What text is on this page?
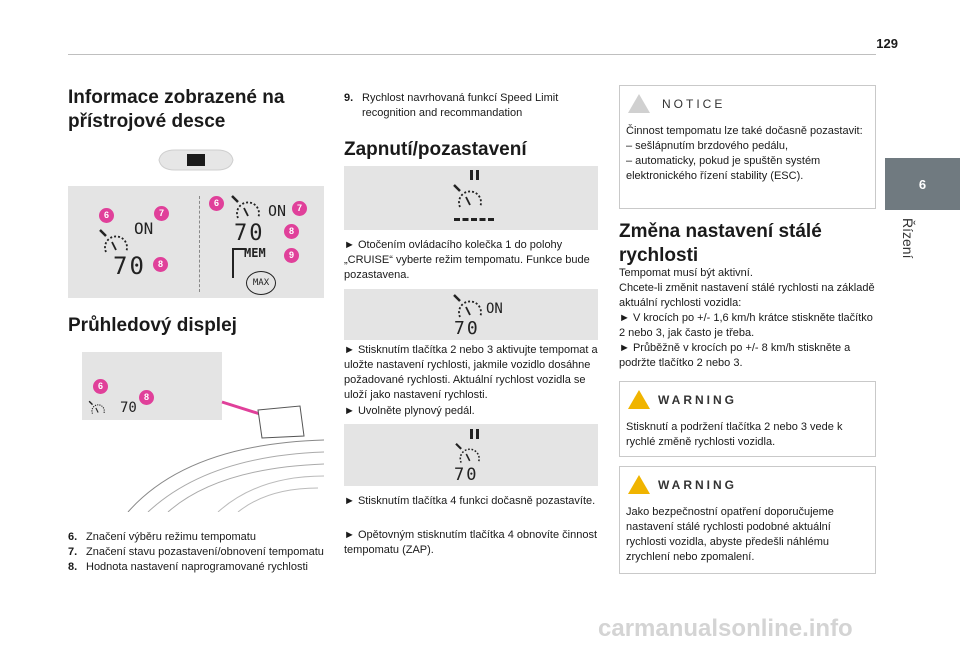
129
6
Řízení
Informace zobrazené na přístrojové desce
ON
70
6	7
8
ON
70
MEM
MAX
6	7
8
9
Průhledový displej
70
6
8
6. Značení výběru režimu tempomatu
7. Značení stavu pozastavení/obnovení tempomatu
8. Hodnota nastavení naprogramované rychlosti
9. Rychlost navrhovaná funkcí Speed Limit recognition and recommandation
Zapnutí/pozastavení
► Otočením ovládacího kolečka 1 do polohy „CRUISE“ vyberte režim tempomatu. Funkce bude pozastavena.
ON
70
► Stisknutím tlačítka 2 nebo 3 aktivujte tempomat a uložte nastavení rychlosti, jakmile vozidlo dosáhne požadované rychlosti. Aktuální rychlost vozidla se uloží jako nastavení rychlosti.
► Uvolněte plynový pedál.
70
► Stisknutím tlačítka 4 funkci dočasně pozastavíte.
► Opětovným stisknutím tlačítka 4 obnovíte činnost tempomatu (ZAP).
NOTICE
Činnost tempomatu lze také dočasně pozastavit:
– sešlápnutím brzdového pedálu,
– automaticky, pokud je spuštěn systém elektronického řízení stability (ESC).
Změna nastavení stálé rychlosti
Tempomat musí být aktivní.
Chcete-li změnit nastavení stálé rychlosti na základě aktuální rychlosti vozidla:
► V krocích po +/- 1,6 km/h krátce stiskněte tlačítko 2 nebo 3, jak často je třeba.
► Průběžně v krocích po +/- 8 km/h stiskněte a podržte tlačítko 2 nebo 3.
WARNING
Stisknutí a podržení tlačítka 2 nebo 3 vede k rychlé změně rychlosti vozidla.
WARNING
Jako bezpečnostní opatření doporučujeme nastavení stálé rychlosti podobné aktuální rychlosti vozidla, abyste předešli náhlému zrychlení nebo zpomalení.
carmanualsonline.info
